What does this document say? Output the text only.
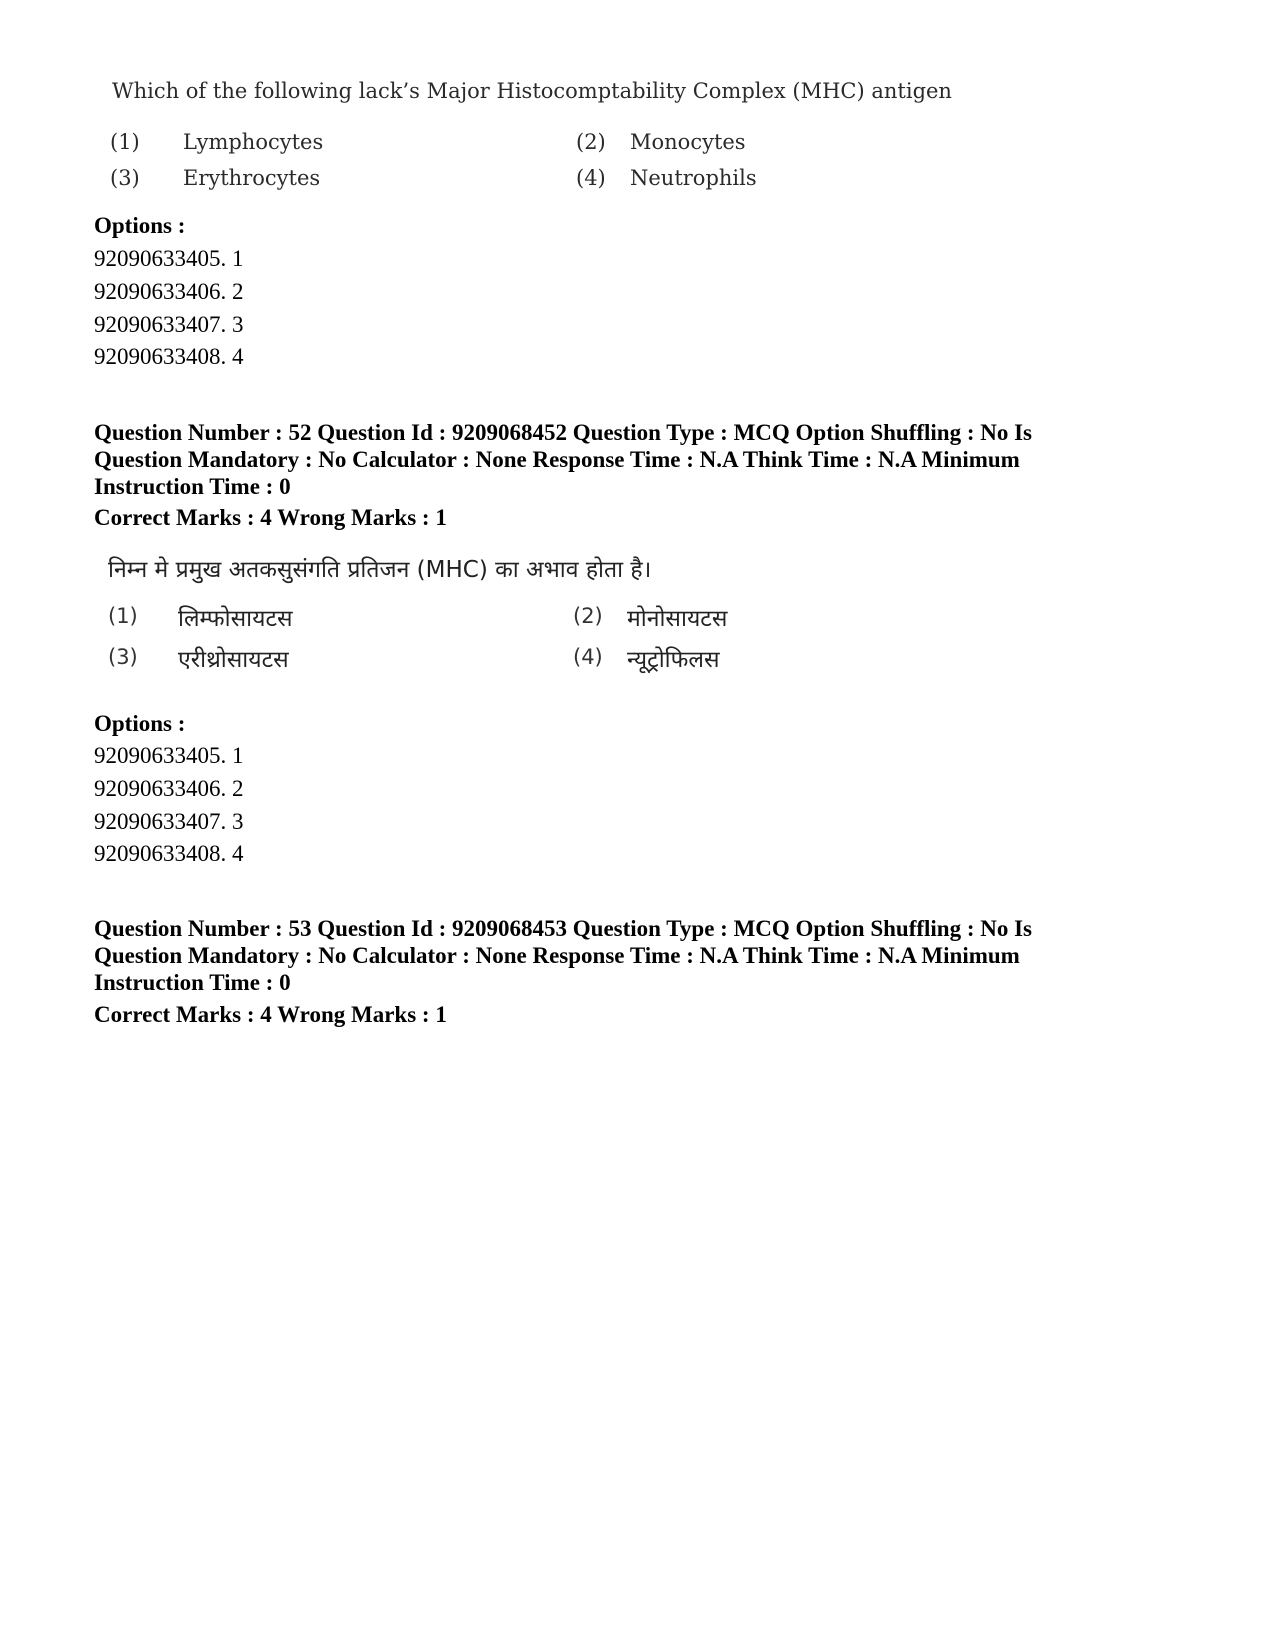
Which of the following lack’s Major Histocomptability Complex (MHC) antigen
(1) Lymphocytes	(2) Monocytes
(3) Erythrocytes	(4) Neutrophils
Options :
92090633405. 1
92090633406. 2
92090633407. 3
92090633408. 4
Question Number : 52 Question Id : 9209068452 Question Type : MCQ Option Shuffling : No Is
Question Mandatory : No Calculator : None Response Time : N.A Think Time : N.A Minimum
Instruction Time : 0
Correct Marks : 4 Wrong Marks : 1
निम्न मे प्रमुख अतकसुसंगति प्रतिजन (MHC) का अभाव होता है।
(1) लिम्फोसायटस	(2) मोनोसायटस
(3) एरीथ्रोसायटस	(4) न्यूट्रोफिलस
Options :
92090633405. 1
92090633406. 2
92090633407. 3
92090633408. 4
Question Number : 53 Question Id : 9209068453 Question Type : MCQ Option Shuffling : No Is
Question Mandatory : No Calculator : None Response Time : N.A Think Time : N.A Minimum
Instruction Time : 0
Correct Marks : 4 Wrong Marks : 1
